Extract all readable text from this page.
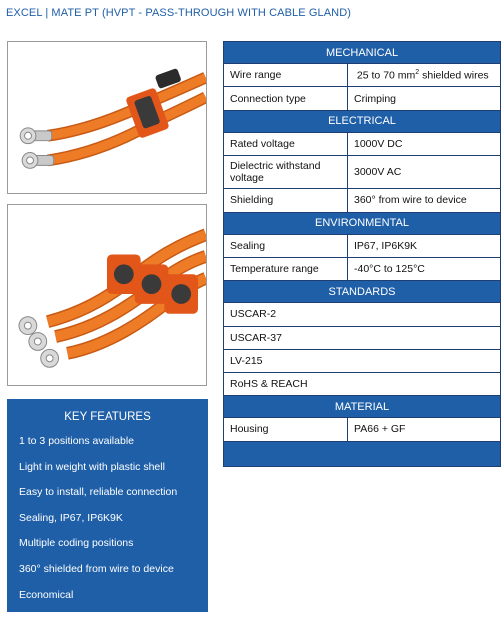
EXCEL | MATE PT (HVPT - PASS-THROUGH WITH CABLE GLAND)
KEY FEATURES
1 to 3 positions available
Light in weight with plastic shell
Easy to install, reliable connection
Sealing, IP67, IP6K9K
Multiple coding positions
360° shielded from wire to device
Economical
MECHANICAL	
Wire range	25 to 70 $mm^2$ shielded wires
Connection type	Crimping
ELECTRICAL	
Rated voltage	1000V DC
Dielectric withstand voltage	3000V AC
Shielding	360° from wire to device
ENVIRONMENTAL	
Sealing	IP67, IP6K9K
Temperature range	-40°C to 125°C
STANDARDS	
USCAR-2	
USCAR-37	
LV-215	
RoHS & REACH	
MATERIAL	
Housing	PA66 + GF
